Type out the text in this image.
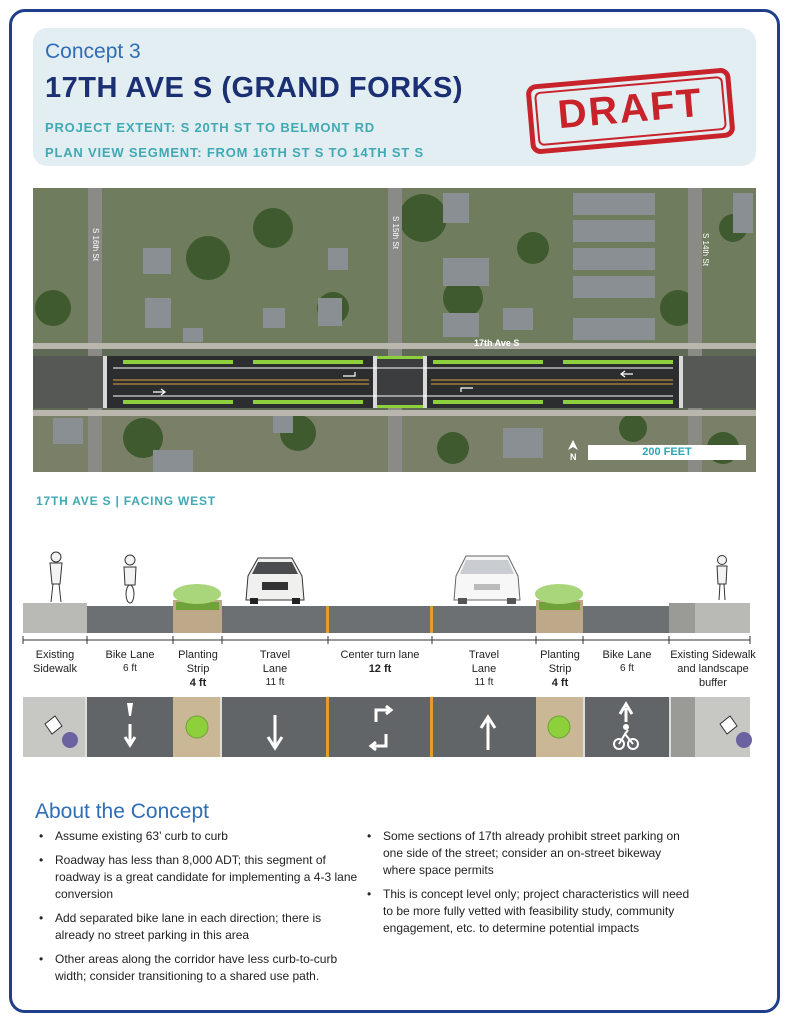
Concept 3
17TH AVE S (GRAND FORKS)
PROJECT EXTENT: S 20TH ST TO BELMONT RD
PLAN VIEW SEGMENT: FROM 16TH ST S TO 14TH ST S
DRAFT
17th Ave S
S 16th St	S 15th St
S 14th St
N	200 FEET
17TH AVE S | FACING WEST
Existing Sidewalk
Bike Lane
6 ft
Planting Strip
4 ft
Travel Lane
11 ft
Center turn lane
12 ft
Travel Lane
11 ft
Planting Strip
4 ft
Bike Lane
6 ft
Existing Sidewalk and landscape buffer
About the Concept
• Assume existing 63’ curb to curb
• Roadway has less than 8,000 ADT; this segment of roadway is a great candidate for implementing a 4-3 lane conversion
• Add separated bike lane in each direction; there is already no street parking in this area
• Other areas along the corridor have less curb-to-curb width; consider transitioning to a shared use path.
• Some sections of 17th already prohibit street parking on one side of the street; consider an on-street bikeway where space permits
• This is concept level only; project characteristics will need to be more fully vetted with feasibility study, community engagement, etc. to determine potential impacts
